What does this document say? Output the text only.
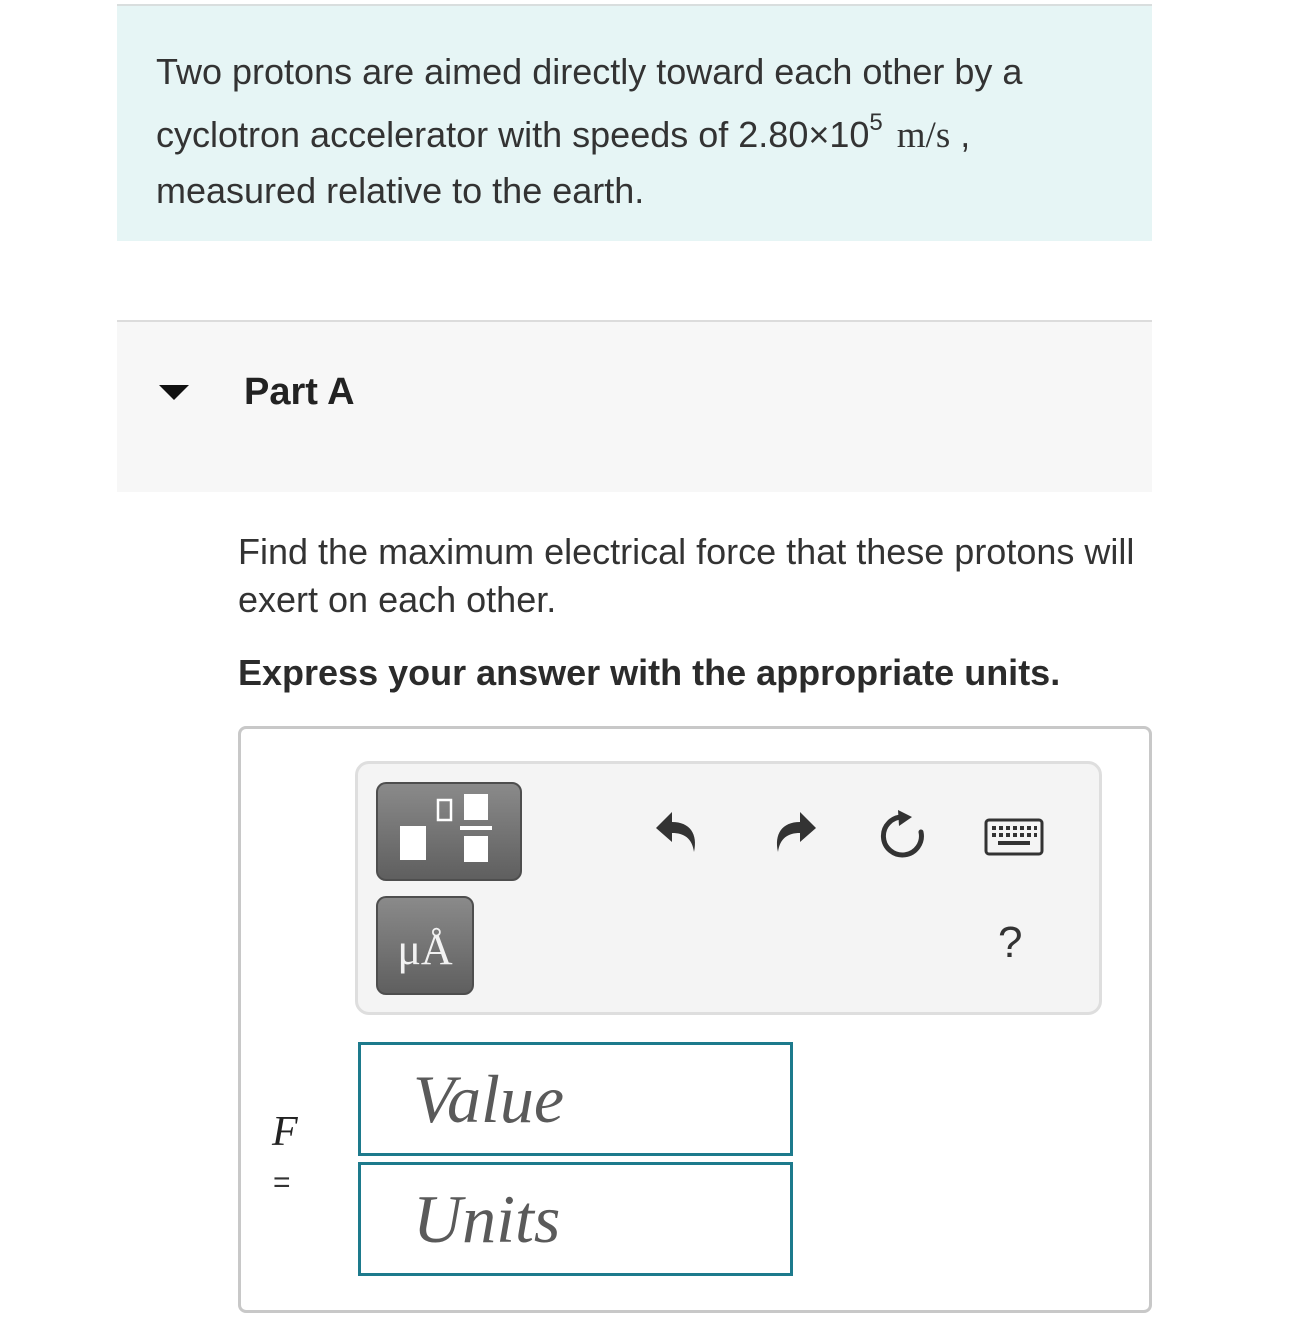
Two protons are aimed directly toward each other by a cyclotron accelerator with speeds of $2.80\times 10^5$ m/s , measured relative to the earth.

Part A

Find the maximum electrical force that these protons will exert on each other.

Express your answer with the appropriate units.

μÅ	?
F
=
Value
Units
